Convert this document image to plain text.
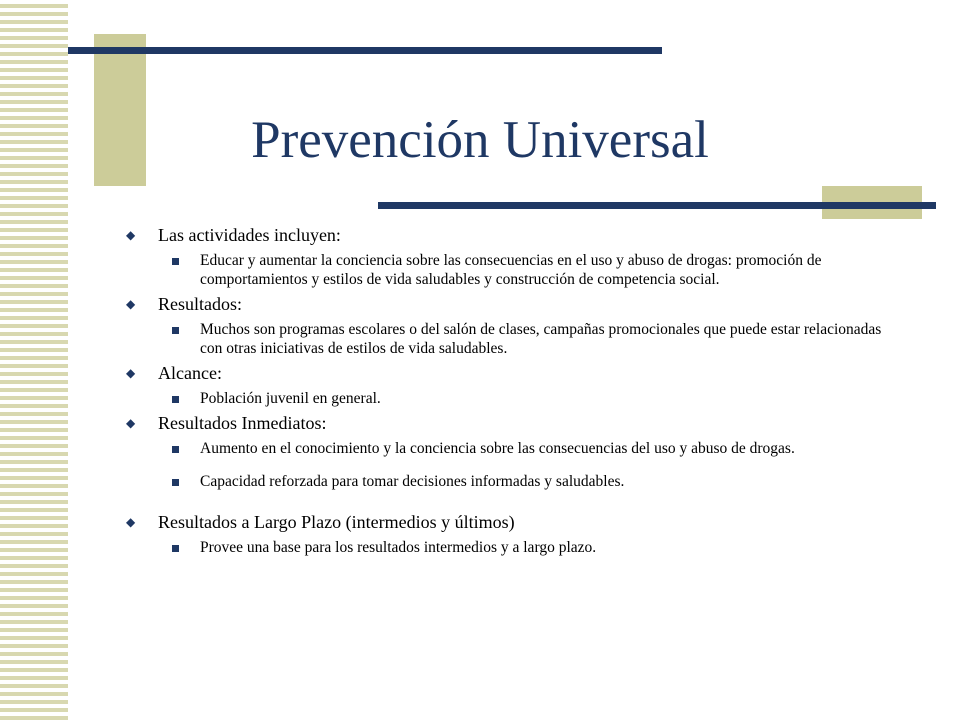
Prevención Universal
◆ Las actividades incluyen:
Educar y aumentar la conciencia sobre las consecuencias en el uso y abuso de drogas: promoción de comportamientos y estilos de vida saludables y construcción de competencia social.
◆ Resultados:
Muchos son programas escolares o del salón de clases, campañas promocionales que puede estar relacionadas con otras iniciativas de estilos de vida saludables.
◆ Alcance:
Población juvenil en general.
◆ Resultados Inmediatos:
Aumento en el conocimiento y la conciencia sobre las consecuencias del uso y abuso de drogas.
Capacidad reforzada para tomar decisiones informadas y saludables.
◆ Resultados a Largo Plazo (intermedios y últimos)
Provee una base para los resultados intermedios y a largo plazo.
